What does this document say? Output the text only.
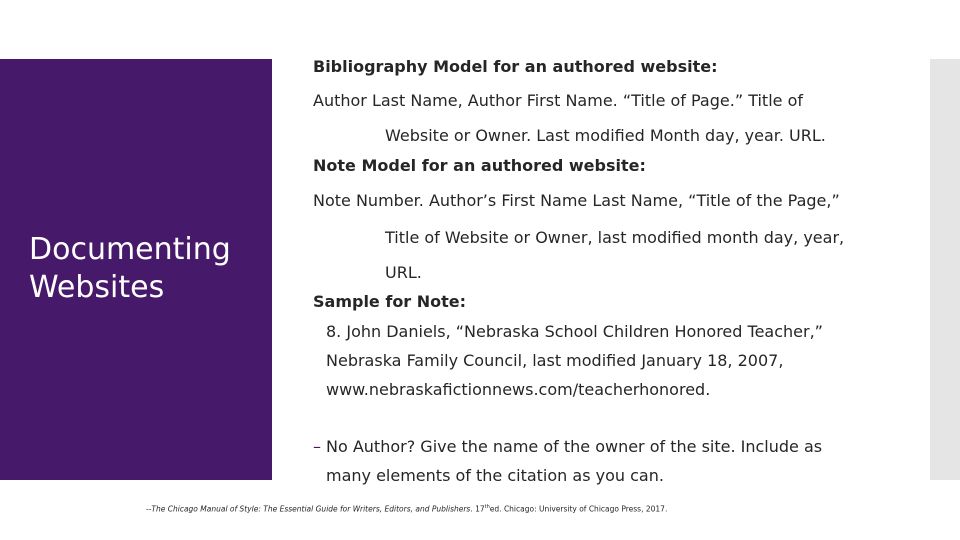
Documenting
Websites
Bibliography Model for an authored website:
Author Last Name, Author First Name. “Title of Page.” Title of
Website or Owner. Last modified Month day, year. URL.
Note Model for an authored website:
Note Number. Author’s First Name Last Name, “Title of the Page,”
Title of Website or Owner, last modified month day, year,
URL.
Sample for Note:
8. John Daniels, “Nebraska School Children Honored Teacher,”
Nebraska Family Council, last modified January 18, 2007,
www.nebraskafictionnews.com/teacherhonored.
– No Author? Give the name of the owner of the site. Include as
many elements of the citation as you can.
--The Chicago Manual of Style: The Essential Guide for Writers, Editors, and Publishers. 17thed. Chicago: University of Chicago Press, 2017.
